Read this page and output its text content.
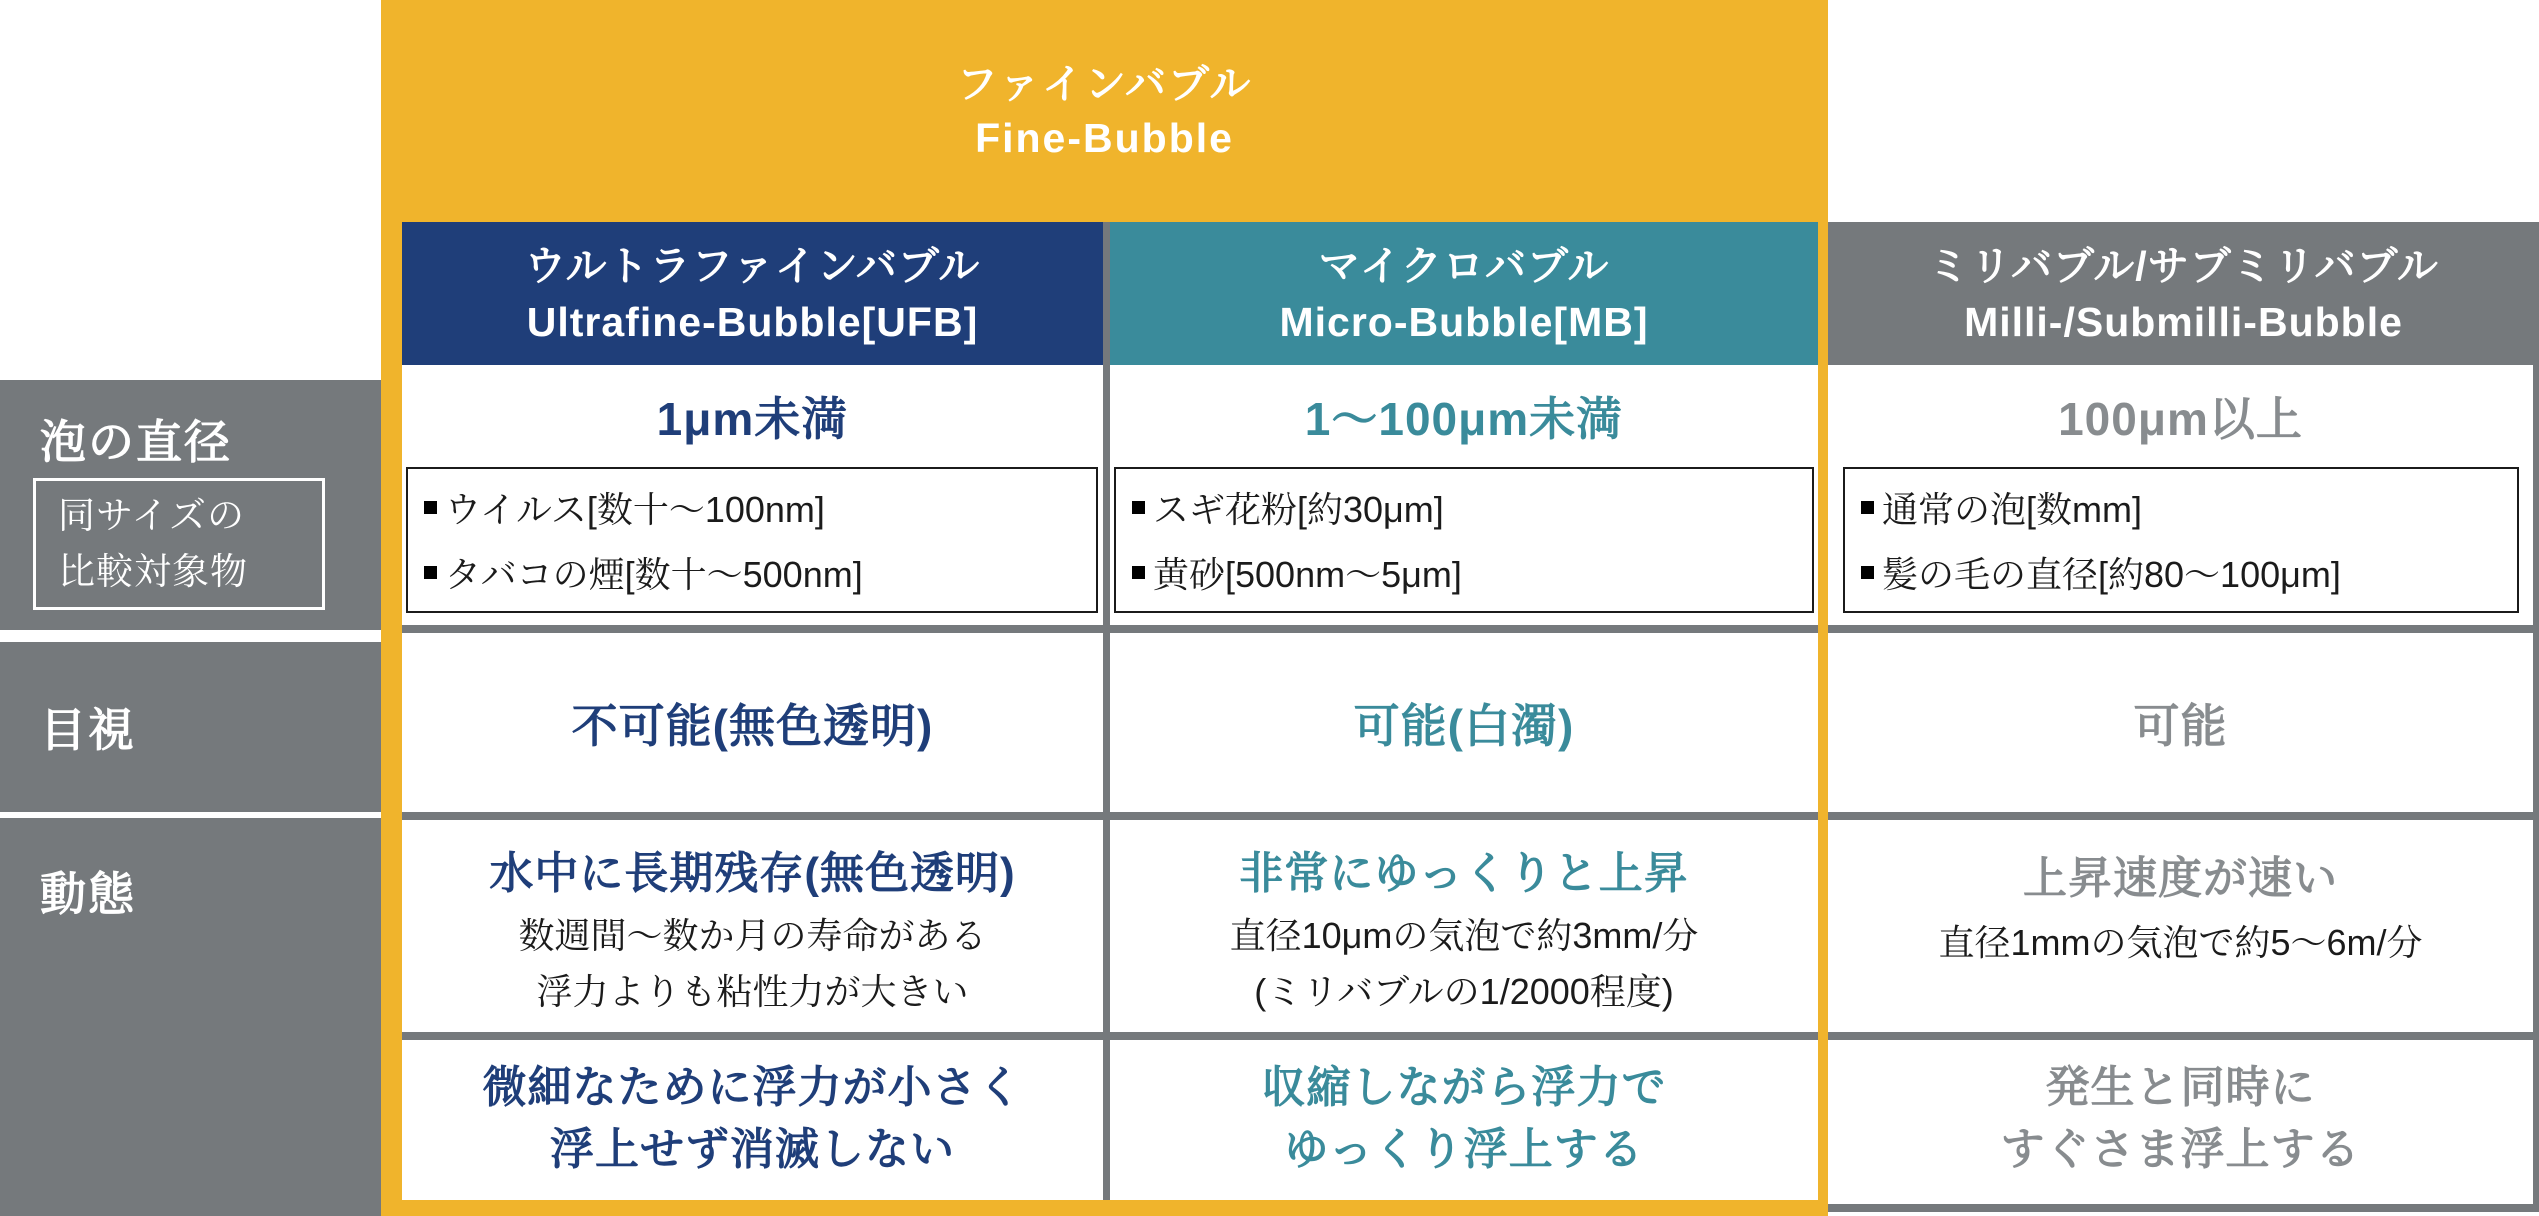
ファインバブル
Fine-Bubble
ウルトラファインバブル
Ultrafine-Bubble[UFB]
マイクロバブル
Micro-Bubble[MB]
ミリバブル/サブミリバブル
Milli-/Submilli-Bubble
泡の直径
同サイズの
比較対象物
目視
動態
1μm未満
ウイルス[数十〜100nm]
タバコの煙[数十〜500nm]
1〜100μm未満
スギ花粉[約30μm]
黄砂[500nm〜5μm]
100μm以上
通常の泡[数mm]
髪の毛の直径[約80〜100μm]
不可能(無色透明)	可能(白濁)	可能
水中に長期残存(無色透明)
数週間〜数か月の寿命がある
浮力よりも粘性力が大きい
非常にゆっくりと上昇
直径10μmの気泡で約3mm/分
(ミリバブルの1/2000程度)
上昇速度が速い
直径1mmの気泡で約5〜6m/分
微細なために浮力が小さく
浮上せず消滅しない
収縮しながら浮力で
ゆっくり浮上する
発生と同時に
すぐさま浮上する
